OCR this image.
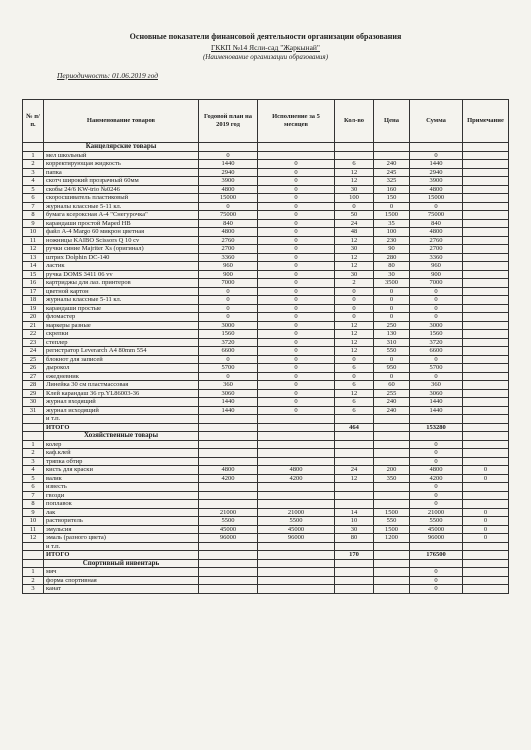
Основные показатели финансовой деятельности организации образования
ГККП №14 Ясли-сад "Жаркынай"
(Наименование организации образования)
Периодичность: 01.06.2019 год
№ п/п.	Наименование товаров	Годовой план на 2019 год	Исполнение за 5 месяцев	Кол-во	Цена	Сумма	Примечание
	Канцелярские товары						
1	мел школьный	0				0	
2	корректирующая жидкость	1440	0	6	240	1440	
3	папка	2940	0	12	245	2940	
4	скотч широкий прозрачный 60мм	3900	0	12	325	3900	
5	скобы 24/6 KW-trio №0246	4800	0	30	160	4800	
6	скоросшиватель пластиковый	15000	0	100	150	15000	
7	журналы классные 5-11 кл.	0	0	0	0	0	
8	бумага ксероксная А-4 "Снегурочка"	75000	0	50	1500	75000	
9	карандаши простой Maped HB	840	0	24	35	840	
10	файл А-4 Margo 60 микрон цветная	4800	0	48	100	4800	
11	ножницы KAIBO Scissors Q 10 cv	2760	0	12	230	2760	
12	ручки синие Majriter Xs (оригинал)	2700	0	30	90	2700	
13	штрих Dolphin DC-140	3360	0	12	280	3360	
14	ластик	960	0	12	80	960	
15	ручка DOMS 3411 06 vv	900	0	30	30	900	
16	картриджы для лаз. принтеров	7000	0	2	3500	7000	
17	цветной картон	0	0	0	0	0	
18	журналы классные 5-11 кл.	0	0	0	0	0	
19	карандаши простые	0	0	0	0	0	
20	фломастер	0	0	0	0	0	
21	маркеры разные	3000	0	12	250	3000	
22	скрепки	1560	0	12	130	1560	
23	степлер	3720	0	12	310	3720	
24	регистратор Leverarch А4 80mm 554	6600	0	12	550	6600	
25	блокнот для записей	0	0	0	0	0	
26	дырокол	5700	0	6	950	5700	
27	ежедневник	0	0	0	0	0	
28	Линейка 30 см пластмассовая	360	0	6	60	360	
29	Клей карандаш 36 гр.YL86003-36	3060	0	12	255	3060	
30	журнал входящий	1440	0	6	240	1440	
31	журнал исходящий	1440	0	6	240	1440	
	и т.п.						
	ИТОГО			464		153280	
	Хозяйственные товары						
1	колер					0	
2	каф.клей					0	
3	тряпка обтир					0	
4	кисть для краски	4800	4800	24	200	4800	0
5	валик	4200	4200	12	350	4200	0
6	известь					0	
7	гвозди					0	
8	поплавок					0	
9	лак	21000	21000	14	1500	21000	0
10	растворитель	5500	5500	10	550	5500	0
11	эмульсия	45000	45000	30	1500	45000	0
12	эмаль (разного цвета)	96000	96000	80	1200	96000	0
	и т.п.						
	ИТОГО			170		176500	
	Спортивный инвентарь						
1	мяч					0	
2	форма спортивная					0	
3	канат					0	
